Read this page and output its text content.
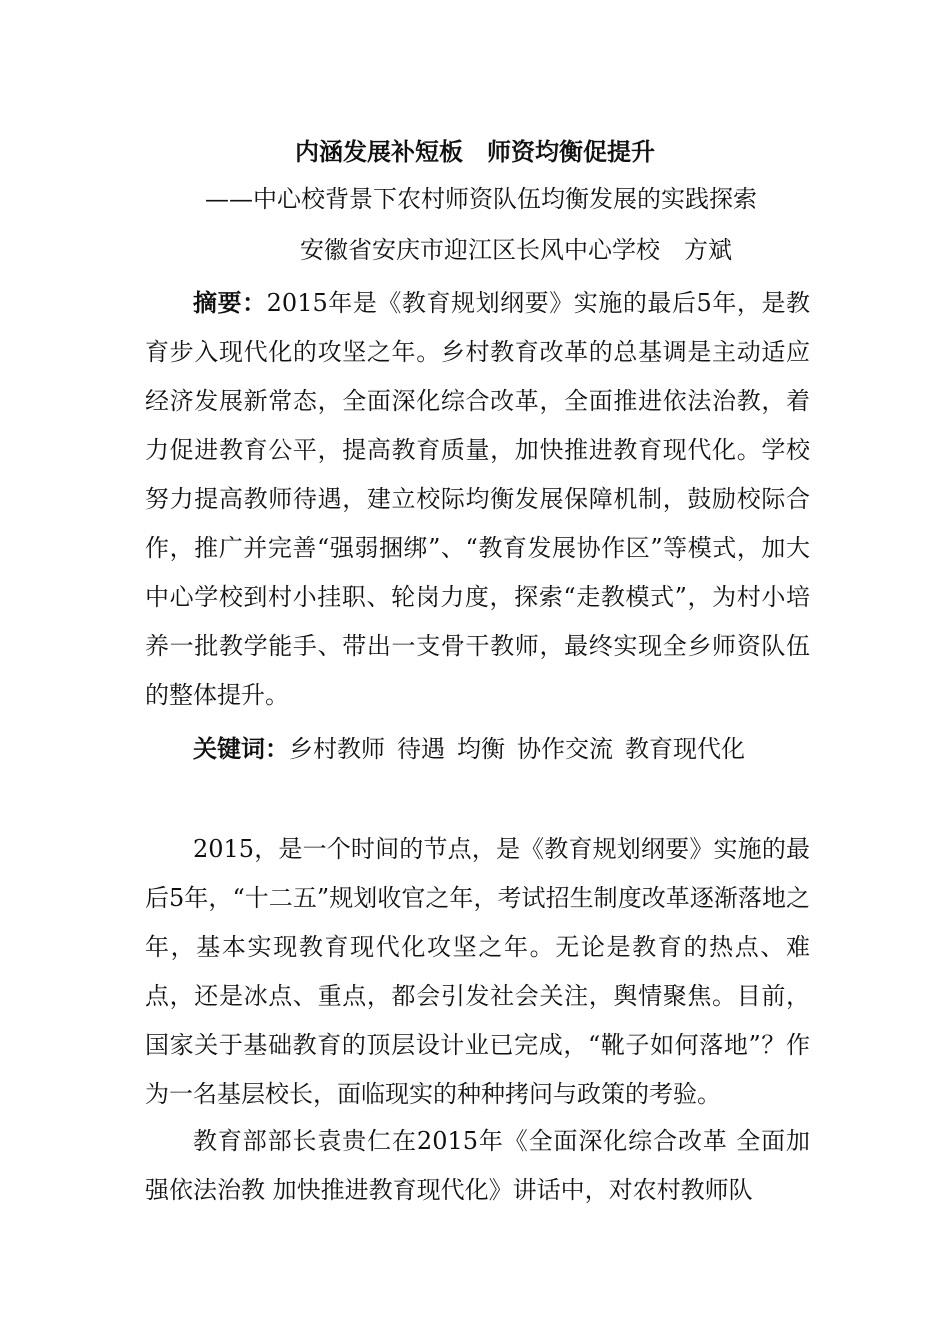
内涵发展补短板　师资均衡促提升
——中心校背景下农村师资队伍均衡发展的实践探索
安徽省安庆市迎江区长风中心学校　方斌
摘要：2015年是《教育规划纲要》实施的最后5年，是教育步入现代化的攻坚之年。乡村教育改革的总基调是主动适应经济发展新常态，全面深化综合改革，全面推进依法治教，着力促进教育公平，提高教育质量，加快推进教育现代化。学校努力提高教师待遇，建立校际均衡发展保障机制，鼓励校际合作，推广并完善“强弱捆绑”、“教育发展协作区”等模式，加大中心学校到村小挂职、轮岗力度，探索“走教模式”，为村小培养一批教学能手、带出一支骨干教师，最终实现全乡师资队伍的整体提升。
关键词：乡村教师 待遇 均衡 协作交流 教育现代化
2015，是一个时间的节点，是《教育规划纲要》实施的最后5年，“十二五”规划收官之年，考试招生制度改革逐渐落地之年，基本实现教育现代化攻坚之年。无论是教育的热点、难点，还是冰点、重点，都会引发社会关注，舆情聚焦。目前，国家关于基础教育的顶层设计业已完成，“靴子如何落地”？作为一名基层校长，面临现实的种种拷问与政策的考验。
教育部部长袁贵仁在2015年《全面深化综合改革 全面加强依法治教 加快推进教育现代化》讲话中，对农村教师队
